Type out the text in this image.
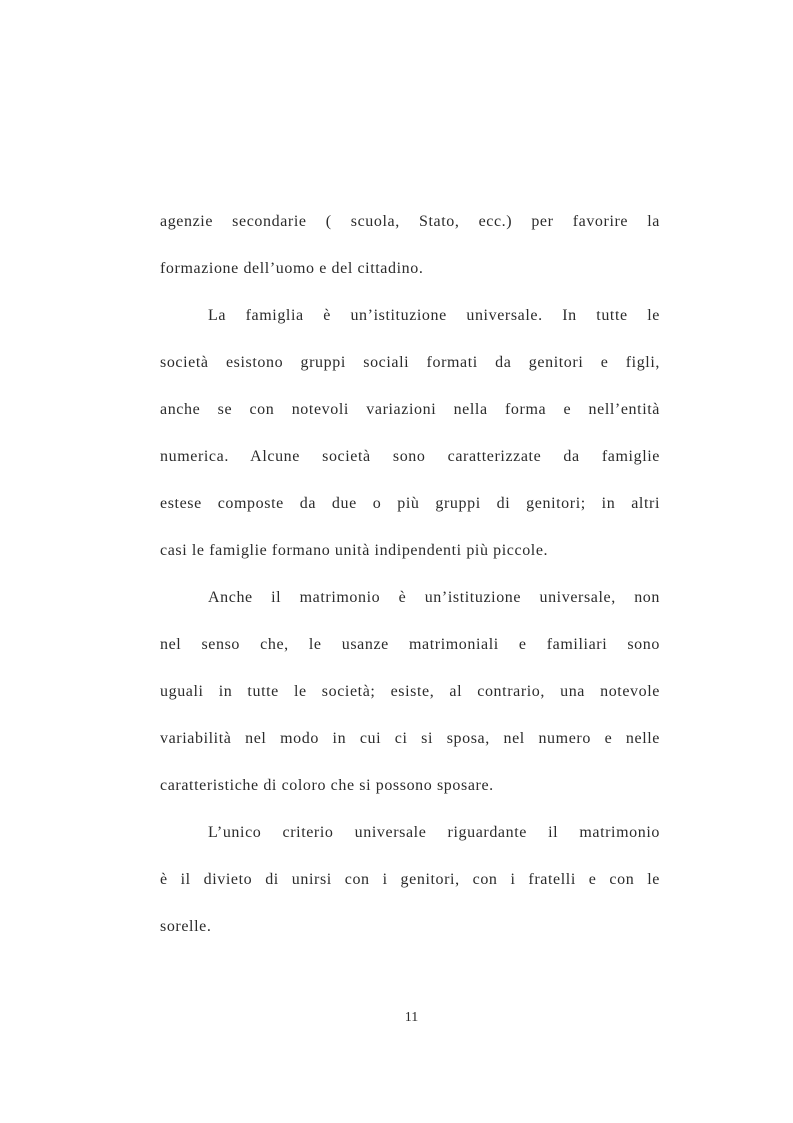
agenzie secondarie ( scuola, Stato, ecc.) per favorire la
formazione dell’uomo e del cittadino.
La famiglia è un’istituzione universale. In tutte le
società esistono gruppi sociali formati da genitori e figli,
anche se con notevoli variazioni nella forma e nell’entità
numerica. Alcune società sono caratterizzate da famiglie
estese composte da due o più gruppi di genitori; in altri
casi le famiglie formano unità indipendenti più piccole.
Anche il matrimonio è un’istituzione universale, non
nel senso che, le usanze matrimoniali e familiari sono
uguali in tutte le società; esiste, al contrario, una notevole
variabilità nel modo in cui ci si sposa, nel numero e nelle
caratteristiche di coloro che si possono sposare.
L’unico criterio universale riguardante il matrimonio
è il divieto di unirsi con i genitori, con i fratelli e con le
sorelle.
11
